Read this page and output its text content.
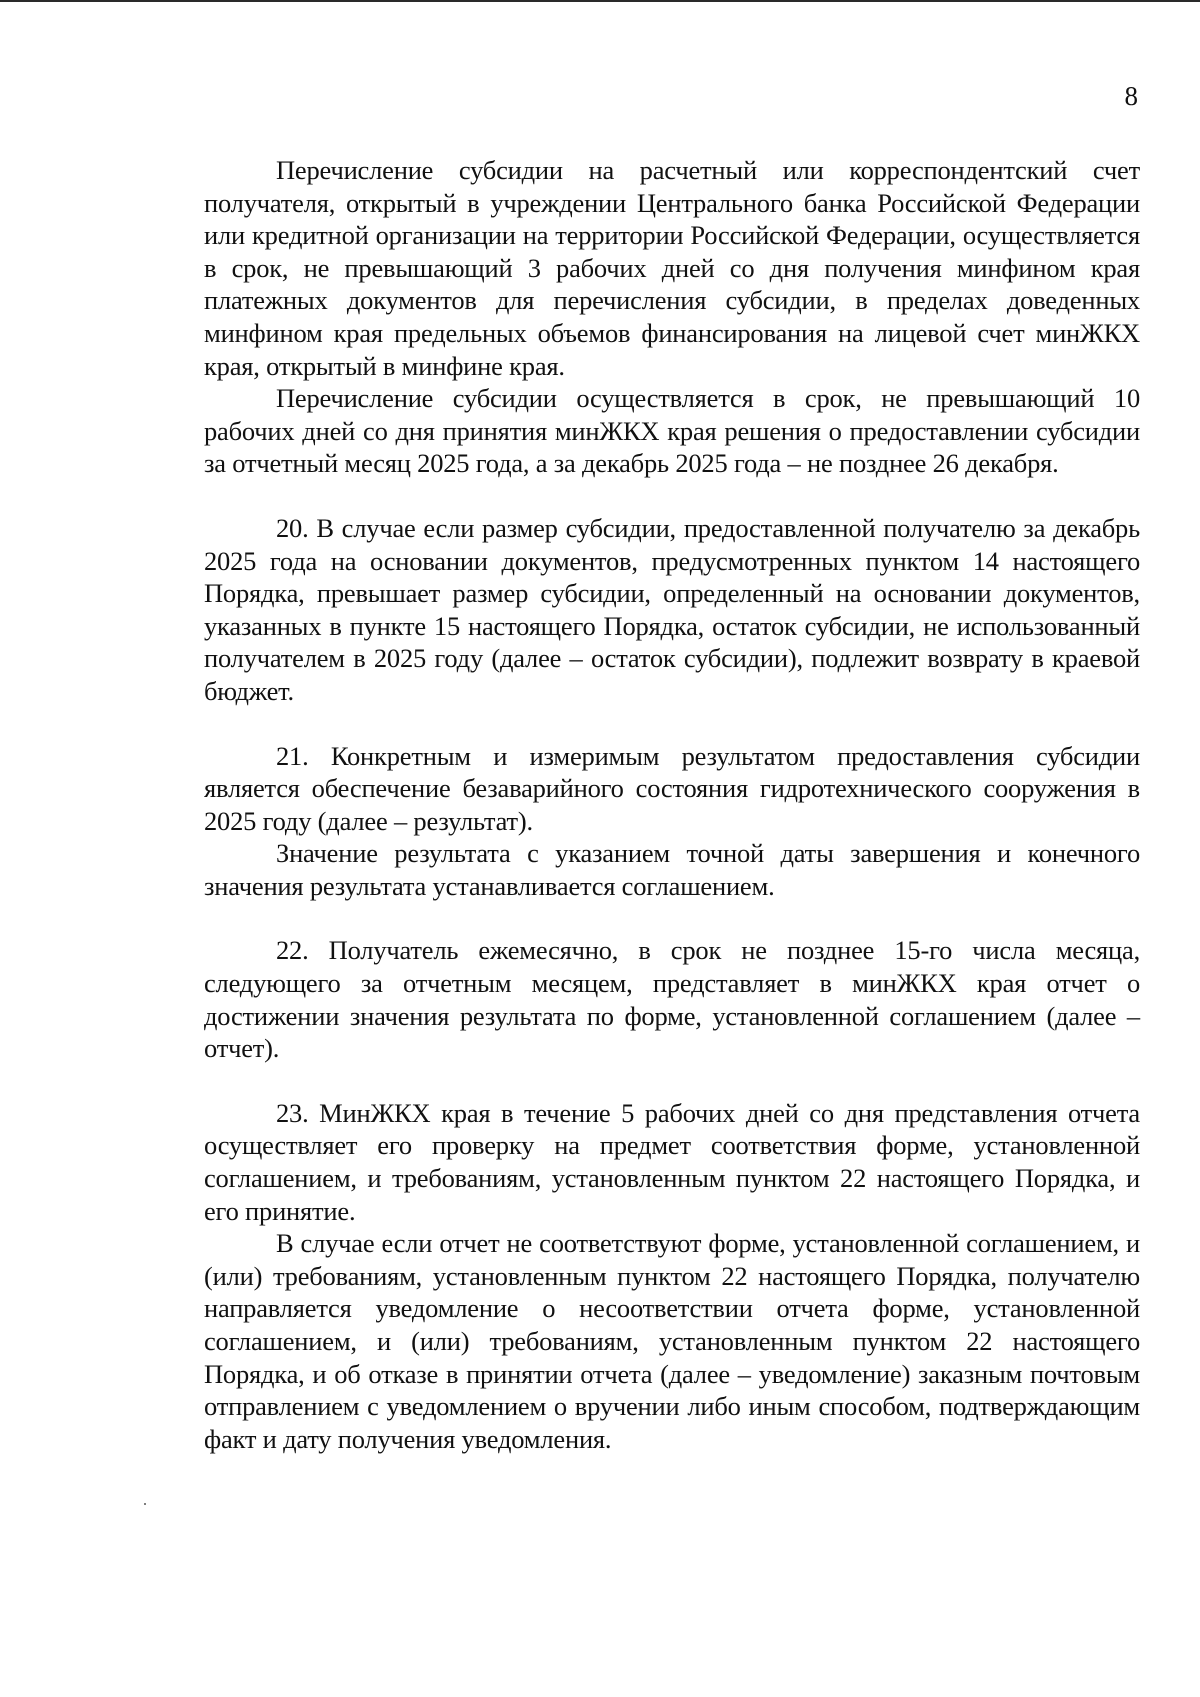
8

Перечисление субсидии на расчетный или корреспондентский счет получателя, открытый в учреждении Центрального банка Российской Федерации или кредитной организации на территории Российской Федерации, осуществляется в срок, не превышающий 3 рабочих дней со дня получения минфином края платежных документов для перечисления субсидии, в пределах доведенных минфином края предельных объемов финансирования на лицевой счет минЖКХ края, открытый в минфине края.

Перечисление субсидии осуществляется в срок, не превышающий 10 рабочих дней со дня принятия минЖКХ края решения о предоставлении субсидии за отчетный месяц 2025 года, а за декабрь 2025 года – не позднее 26 декабря.

20. В случае если размер субсидии, предоставленной получателю за декабрь 2025 года на основании документов, предусмотренных пунктом 14 настоящего Порядка, превышает размер субсидии, определенный на основании документов, указанных в пункте 15 настоящего Порядка, остаток субсидии, не использованный получателем в 2025 году (далее – остаток субсидии), подлежит возврату в краевой бюджет.

21. Конкретным и измеримым результатом предоставления субсидии является обеспечение безаварийного состояния гидротехнического сооружения в 2025 году (далее – результат).

Значение результата с указанием точной даты завершения и конечного значения результата устанавливается соглашением.

22. Получатель ежемесячно, в срок не позднее 15-го числа месяца, следующего за отчетным месяцем, представляет в минЖКХ края отчет о достижении значения результата по форме, установленной соглашением (далее – отчет).

23. МинЖКХ края в течение 5 рабочих дней со дня представления отчета осуществляет его проверку на предмет соответствия форме, установленной соглашением, и требованиям, установленным пунктом 22 настоящего Порядка, и его принятие.

В случае если отчет не соответствуют форме, установленной соглашением, и (или) требованиям, установленным пунктом 22 настоящего Порядка, получателю направляется уведомление о несоответствии отчета форме, установленной соглашением, и (или) требованиям, установленным пунктом 22 настоящего Порядка, и об отказе в принятии отчета (далее – уведомление) заказным почтовым отправлением с уведомлением о вручении либо иным способом, подтверждающим факт и дату получения уведомления.
